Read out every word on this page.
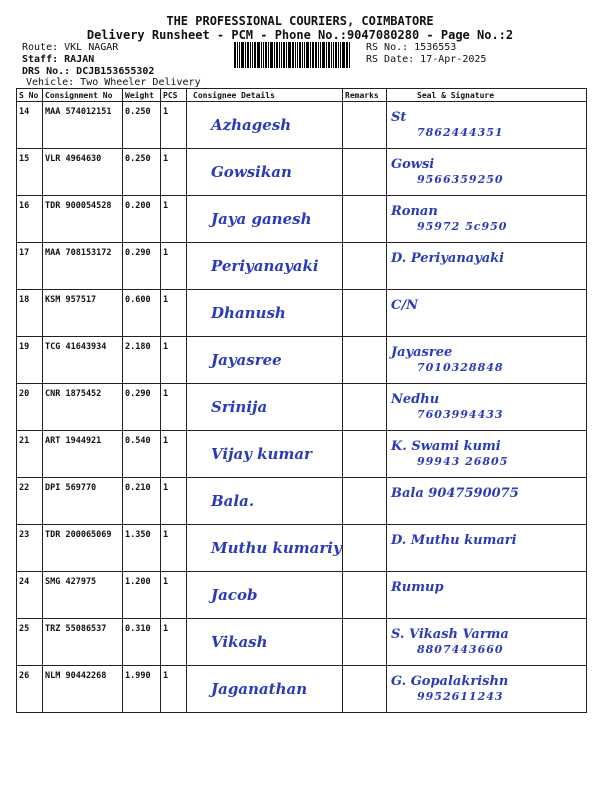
THE PROFESSIONAL COURIERS, COIMBATORE
Delivery Runsheet - PCM - Phone No.:9047080280 - Page No.:2
Route: VKL NAGAR
Staff: RAJAN
DRS No.: DCJB153655302
Vehicle: Two Wheeler Delivery
RS No.: 1536553
RS Date: 17-Apr-2025
S No	Consignment No	Weight	PCS	Consignee Details	Remarks	Seal & Signature
14	MAA 574012151	0.250	1	Azhagesh		St
7862444351

15	VLR 4964630	0.250	1	Gowsikan		Gowsi
9566359250

16	TDR 900054528	0.200	1	Jaya ganesh		Ronan
95972 5c950

17	MAA 708153172	0.290	1	Periyanayaki		D. Periyanayaki

18	KSM 957517	0.600	1	Dhanush		C/N

19	TCG 41643934	2.180	1	Jayasree		Jayasree
7010328848

20	CNR 1875452	0.290	1	Srinija		Nedhu
7603994433

21	ART 1944921	0.540	1	Vijay kumar		K. Swami kumi
99943 26805

22	DPI 569770	0.210	1	Bala.		Bala 9047590075

23	TDR 200065069	1.350	1	Muthu kumariy		D. Muthu kumari

24	SMG 427975	1.200	1	Jacob		Rumup

25	TRZ 55086537	0.310	1	Vikash		S. Vikash Varma
8807443660

26	NLM 90442268	1.990	1	Jaganathan		G. Gopalakrishn
9952611243
